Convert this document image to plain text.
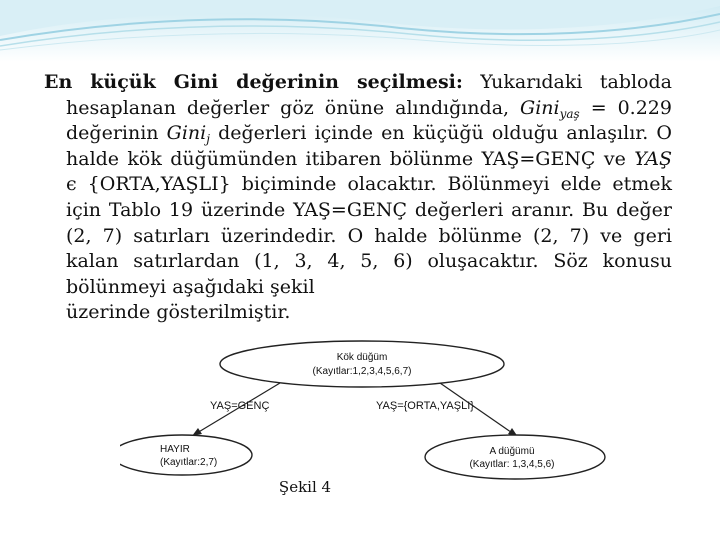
En küçük Gini değerinin seçilmesi: Yukarıdaki tabloda hesaplanan değerler göz önüne alındığında, Gini$_{yaş}$ = 0.229 değerinin Gini$_j$ değerleri içinde en küçüğü olduğu anlaşılır. O halde kök düğümünden itibaren bölünme YAŞ=GENÇ ve YAŞ ϵ {ORTA,YAŞLI} biçiminde olacaktır. Bölünmeyi elde etmek için Tablo 19 üzerinde YAŞ=GENÇ değerleri aranır. Bu değer (2, 7) satırları üzerindedir. O halde bölünme (2, 7) ve geri kalan satırlardan (1, 3, 4, 5, 6) oluşacaktır. Söz konusu bölünmeyi aşağıdaki şekil
üzerinde gösterilmiştir.

Kök düğüm
(Kayıtlar:1,2,3,4,5,6,7)
YAŞ=GENÇ	YAŞ={ORTA,YAŞLI}
HAYIR
(Kayıtlar:2,7)
A düğümü
(Kayıtlar: 1,3,4,5,6)
Şekil 4
